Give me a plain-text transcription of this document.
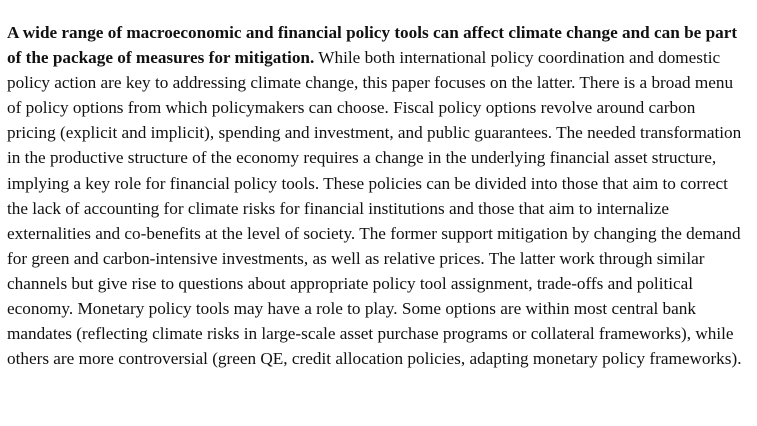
A wide range of macroeconomic and financial policy tools can affect climate change and can be part of the package of measures for mitigation. While both international policy coordination and domestic policy action are key to addressing climate change, this paper focuses on the latter. There is a broad menu of policy options from which policymakers can choose. Fiscal policy options revolve around carbon pricing (explicit and implicit), spending and investment, and public guarantees. The needed transformation in the productive structure of the economy requires a change in the underlying financial asset structure, implying a key role for financial policy tools. These policies can be divided into those that aim to correct the lack of accounting for climate risks for financial institutions and those that aim to internalize externalities and co-benefits at the level of society. The former support mitigation by changing the demand for green and carbon-intensive investments, as well as relative prices. The latter work through similar channels but give rise to questions about appropriate policy tool assignment, trade-offs and political economy. Monetary policy tools may have a role to play. Some options are within most central bank mandates (reflecting climate risks in large-scale asset purchase programs or collateral frameworks), while others are more controversial (green QE, credit allocation policies, adapting monetary policy frameworks).
